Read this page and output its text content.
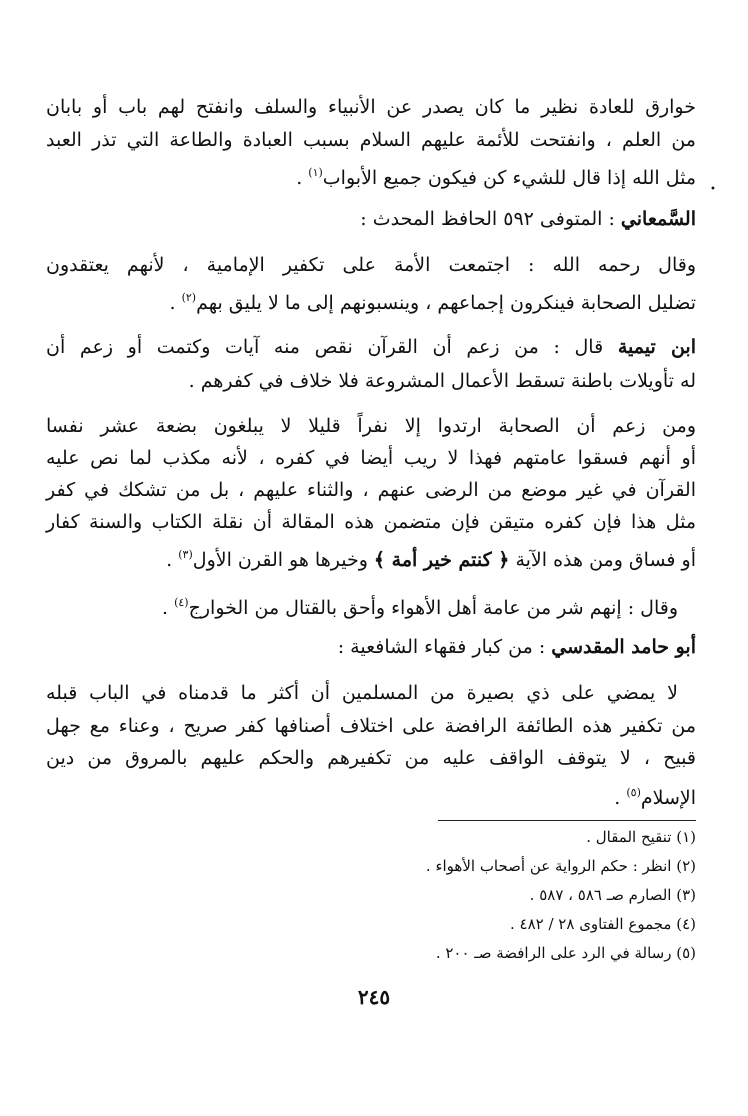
خوارق للعادة نظير ما كان يصدر عن الأنبياء والسلف وانفتح لهم باب أو بابان
من العلم ، وانفتحت للأئمة عليهم السلام بسبب العبادة والطاعة التي تذر العبد
مثل الله إذا قال للشيء كن فيكون جميع الأبواب$^{(١)}$ .
السَّمعاني : المتوفى ٥٩٢ الحافظ المحدث :
وقال رحمه الله : اجتمعت الأمة على تكفير الإمامية ، لأنهم يعتقدون
تضليل الصحابة فينكرون إجماعهم ، وينسبونهم إلى ما لا يليق بهم$^{(٢)}$ .
ابن تيمية قال : من زعم أن القرآن نقص منه آيات وكتمت أو زعم أن
له تأويلات باطنة تسقط الأعمال المشروعة فلا خلاف في كفرهم .
ومن زعم أن الصحابة ارتدوا إلا نفراً قليلا لا يبلغون بضعة عشر نفسا
أو أنهم فسقوا عامتهم فهذا لا ريب أيضا في كفره ، لأنه مكذب لما نص عليه
القرآن في غير موضع من الرضى عنهم ، والثناء عليهم ، بل من تشكك في كفر
مثل هذا فإن كفره متيقن فإن متضمن هذه المقالة أن نقلة الكتاب والسنة كفار
أو فساق ومن هذه الآية ﴿ كنتم خير أمة ﴾ وخيرها هو القرن الأول$^{(٣)}$ .
وقال : إنهم شر من عامة أهل الأهواء وأحق بالقتال من الخوارج$^{(٤)}$ .
أبو حامد المقدسي : من كبار فقهاء الشافعية :
لا يمضي على ذي بصيرة من المسلمين أن أكثر ما قدمناه في الباب قبله
من تكفير هذه الطائفة الرافضة على اختلاف أصنافها كفر صريح ، وعناء مع جهل
قبيح ، لا يتوقف الواقف عليه من تكفيرهم والحكم عليهم بالمروق من دين
الإسلام$^{(٥)}$ .
(١) تنقيح المقال .
(٢) انظر : حكم الرواية عن أصحاب الأهواء .
(٣) الصارم صـ ٥٨٦ ، ٥٨٧ .
(٤) مجموع الفتاوى ٢٨ / ٤٨٢ .
(٥) رسالة في الرد على الرافضة صـ ٢٠٠ .
٢٤٥
•
